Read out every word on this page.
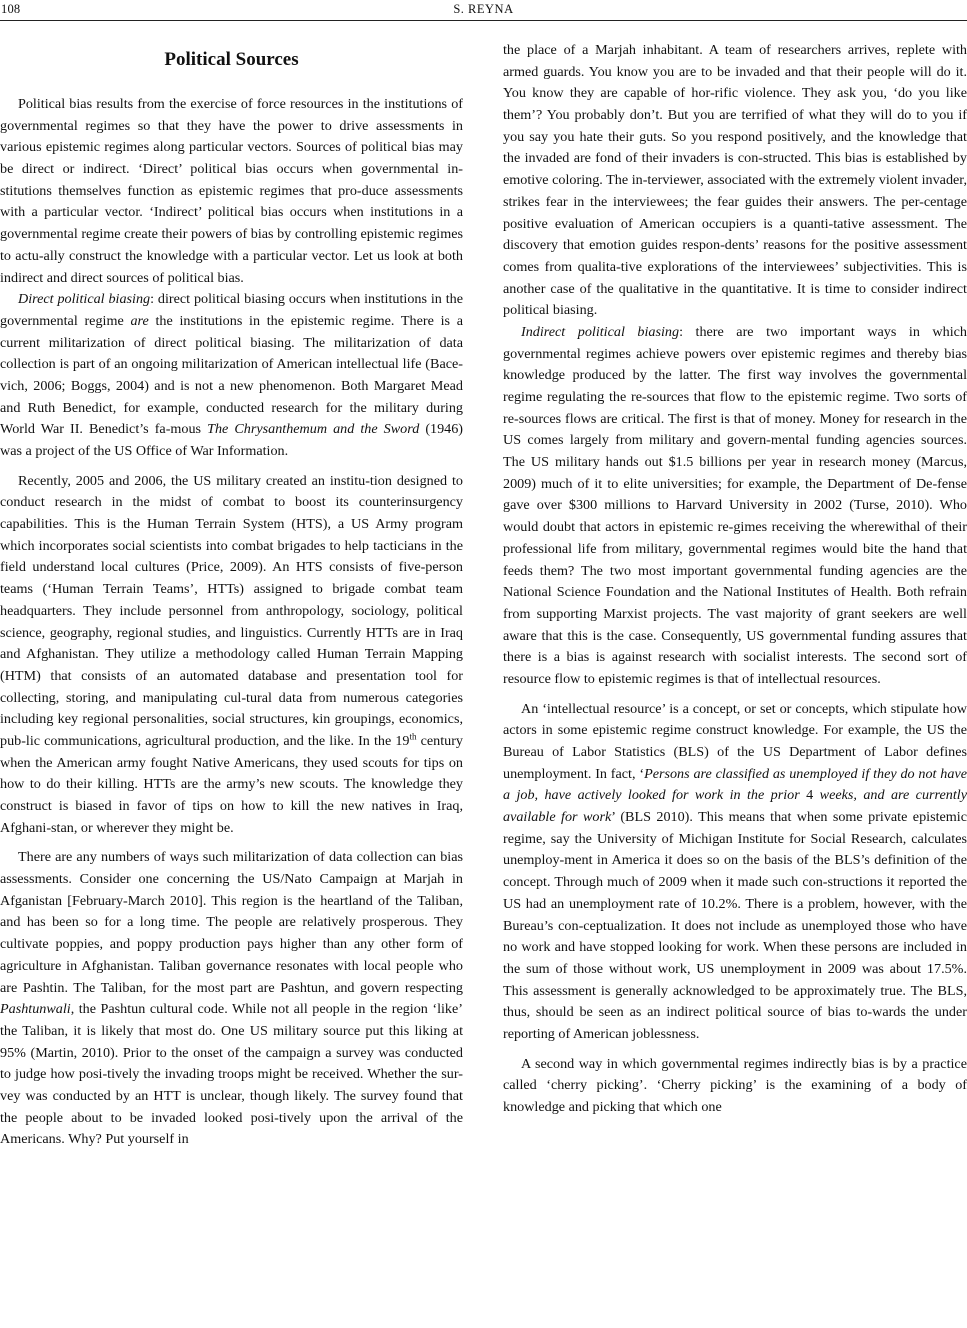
108	S. REYNA
Political Sources

Political bias results from the exercise of force resources in the institutions of governmental regimes so that they have the power to drive assessments in various epistemic regimes along particular vectors. Sources of political bias may be direct or indirect. ‘Direct’ political bias occurs when governmental in-stitutions themselves function as epistemic regimes that pro-duce assessments with a particular vector. ‘Indirect’ political bias occurs when institutions in a governmental regime create their powers of bias by controlling epistemic regimes to actu-ally construct the knowledge with a particular vector. Let us look at both indirect and direct sources of political bias.

Direct political biasing: direct political biasing occurs when institutions in the governmental regime are the institutions in the epistemic regime. There is a current militarization of direct political biasing. The militarization of data collection is part of an ongoing militarization of American intellectual life (Bace-vich, 2006; Boggs, 2004) and is not a new phenomenon. Both Margaret Mead and Ruth Benedict, for example, conducted research for the military during World War II. Benedict’s fa-mous The Chrysanthemum and the Sword (1946) was a project of the US Office of War Information.

Recently, 2005 and 2006, the US military created an institu-tion designed to conduct research in the midst of combat to boost its counterinsurgency capabilities. This is the Human Terrain System (HTS), a US Army program which incorporates social scientists into combat brigades to help tacticians in the field understand local cultures (Price, 2009). An HTS consists of five-person teams (‘Human Terrain Teams’, HTTs) assigned to brigade combat team headquarters. They include personnel from anthropology, sociology, political science, geography, regional studies, and linguistics. Currently HTTs are in Iraq and Afghanistan. They utilize a methodology called Human Terrain Mapping (HTM) that consists of an automated database and presentation tool for collecting, storing, and manipulating cul-tural data from numerous categories including key regional personalities, social structures, kin groupings, economics, pub-lic communications, agricultural production, and the like. In the 19th century when the American army fought Native Americans, they used scouts for tips on how to do their killing. HTTs are the army’s new scouts. The knowledge they construct is biased in favor of tips on how to kill the new natives in Iraq, Afghani-stan, or wherever they might be.

There are any numbers of ways such militarization of data collection can bias assessments. Consider one concerning the US/Nato Campaign at Marjah in Afganistan [February-March 2010]. This region is the heartland of the Taliban, and has been so for a long time. The people are relatively prosperous. They cultivate poppies, and poppy production pays higher than any other form of agriculture in Afghanistan. Taliban governance resonates with local people who are Pashtin. The Taliban, for the most part are Pashtun, and govern respecting Pashtunwali, the Pashtun cultural code. While not all people in the region ‘like’ the Taliban, it is likely that most do. One US military source put this liking at 95% (Martin, 2010). Prior to the onset of the campaign a survey was conducted to judge how posi-tively the invading troops might be received. Whether the sur-vey was conducted by an HTT is unclear, though likely. The survey found that the people about to be invaded looked posi-tively upon the arrival of the Americans. Why? Put yourself in

the place of a Marjah inhabitant. A team of researchers arrives, replete with armed guards. You know you are to be invaded and that their people will do it. You know they are capable of hor-rific violence. They ask you, ‘do you like them’? You probably don’t. But you are terrified of what they will do to you if you say you hate their guts. So you respond positively, and the knowledge that the invaded are fond of their invaders is con-structed. This bias is established by emotive coloring. The in-terviewer, associated with the extremely violent invader, strikes fear in the interviewees; the fear guides their answers. The per-centage positive evaluation of American occupiers is a quanti-tative assessment. The discovery that emotion guides respon-dents’ reasons for the positive assessment comes from qualita-tive explorations of the interviewees’ subjectivities. This is another case of the qualitative in the quantitative. It is time to consider indirect political biasing.

Indirect political biasing: there are two important ways in which governmental regimes achieve powers over epistemic regimes and thereby bias knowledge produced by the latter. The first way involves the governmental regime regulating the re-sources that flow to the epistemic regime. Two sorts of re-sources flows are critical. The first is that of money. Money for research in the US comes largely from military and govern-mental funding agencies sources. The US military hands out $1.5 billions per year in research money (Marcus, 2009) much of it to elite universities; for example, the Department of De-fense gave over $300 millions to Harvard University in 2002 (Turse, 2010). Who would doubt that actors in epistemic re-gimes receiving the wherewithal of their professional life from military, governmental regimes would bite the hand that feeds them? The two most important governmental funding agencies are the National Science Foundation and the National Institutes of Health. Both refrain from supporting Marxist projects. The vast majority of grant seekers are well aware that this is the case. Consequently, US governmental funding assures that there is a bias is against research with socialist interests. The second sort of resource flow to epistemic regimes is that of intellectual resources.

An ‘intellectual resource’ is a concept, or set or concepts, which stipulate how actors in some epistemic regime construct knowledge. For example, the US the Bureau of Labor Statistics (BLS) of the US Department of Labor defines unemployment. In fact, ‘Persons are classified as unemployed if they do not have a job, have actively looked for work in the prior 4 weeks, and are currently available for work’ (BLS 2010). This means that when some private epistemic regime, say the University of Michigan Institute for Social Research, calculates unemploy-ment in America it does so on the basis of the BLS’s definition of the concept. Through much of 2009 when it made such con-structions it reported the US had an unemployment rate of 10.2%. There is a problem, however, with the Bureau’s con-ceptualization. It does not include as unemployed those who have no work and have stopped looking for work. When these persons are included in the sum of those without work, US unemployment in 2009 was about 17.5%. This assessment is generally acknowledged to be approximately true. The BLS, thus, should be seen as an indirect political source of bias to-wards the under reporting of American joblessness.

A second way in which governmental regimes indirectly bias is by a practice called ‘cherry picking’. ‘Cherry picking’ is the examining of a body of knowledge and picking that which one
